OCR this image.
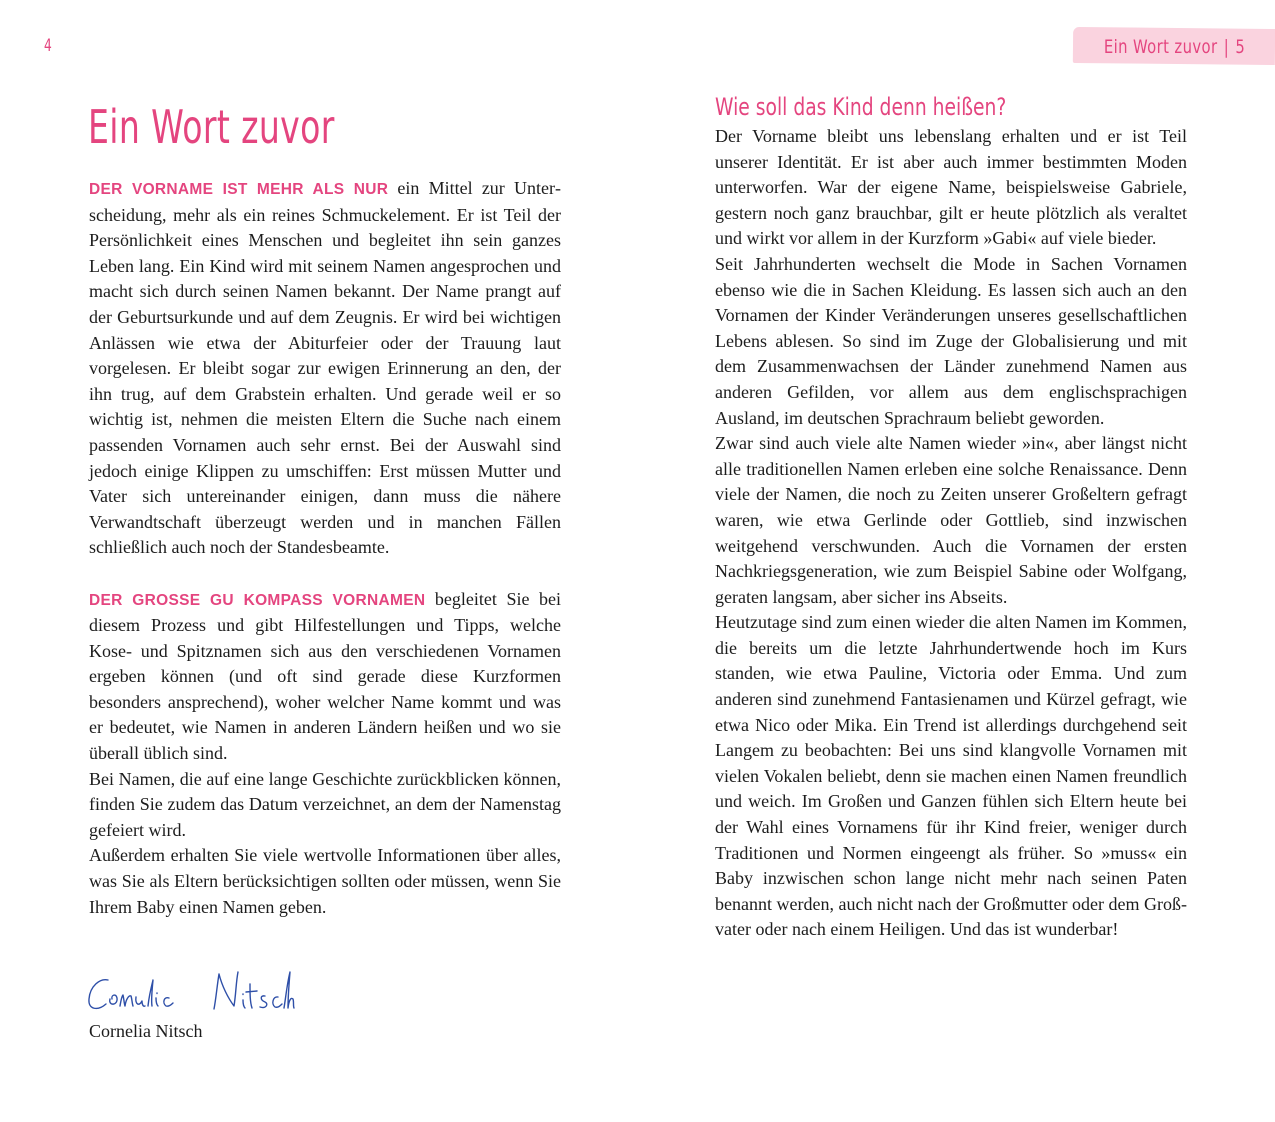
4
Ein Wort zuvor

DER VORNAME IST MEHR ALS NUR ein Mittel zur Unterscheidung, mehr als ein reines Schmuckelement. Er ist Teil der Persönlichkeit eines Menschen und begleitet ihn sein ganzes Leben lang. Ein Kind wird mit seinem Namen angesprochen und macht sich durch seinen Namen bekannt. Der Name prangt auf der Geburtsurkunde und auf dem Zeugnis. Er wird bei wichtigen Anlässen wie etwa der Abiturfeier oder der Trauung laut vorgelesen. Er bleibt sogar zur ewigen Erinnerung an den, der ihn trug, auf dem Grabstein erhalten. Und gerade weil er so wichtig ist, nehmen die meisten Eltern die Suche nach einem passenden Vornamen auch sehr ernst. Bei der Auswahl sind jedoch einige Klippen zu umschiffen: Erst müssen Mutter und Vater sich untereinander einigen, dann muss die nähere Verwandtschaft überzeugt werden und in manchen Fällen schließlich auch noch der Standesbeamte.

DER GROSSE GU KOMPASS VORNAMEN begleitet Sie bei diesem Prozess und gibt Hilfestellungen und Tipps, welche Kose- und Spitznamen sich aus den verschiedenen Vornamen ergeben können (und oft sind gerade diese Kurzformen besonders ansprechend), woher welcher Name kommt und was er bedeutet, wie Namen in anderen Ländern heißen und wo sie überall üblich sind.

Bei Namen, die auf eine lange Geschichte zurückblicken können, finden Sie zudem das Datum verzeichnet, an dem der Namenstag gefeiert wird.

Außerdem erhalten Sie viele wertvolle Informationen über alles, was Sie als Eltern berücksichtigen sollten oder müssen, wenn Sie Ihrem Baby einen Namen geben.

Cornelia Nitsch
Cornelia Nitsch
Ein Wort zuvor | 5
Wie soll das Kind denn heißen?

Der Vorname bleibt uns lebenslang erhalten und er ist Teil unserer Identität. Er ist aber auch immer bestimmten Moden unterworfen. War der eigene Name, beispielsweise Gabriele, gestern noch ganz brauchbar, gilt er heute plötzlich als veraltet und wirkt vor allem in der Kurzform »Gabi« auf viele bieder.

Seit Jahrhunderten wechselt die Mode in Sachen Vornamen ebenso wie die in Sachen Kleidung. Es lassen sich auch an den Vornamen der Kinder Veränderungen unseres gesellschaftlichen Lebens ablesen. So sind im Zuge der Globalisierung und mit dem Zusammenwachsen der Länder zunehmend Namen aus anderen Gefilden, vor allem aus dem englischsprachigen Ausland, im deutschen Sprachraum beliebt geworden.

Zwar sind auch viele alte Namen wieder »in«, aber längst nicht alle traditionellen Namen erleben eine solche Renaissance. Denn viele der Namen, die noch zu Zeiten unserer Großeltern gefragt waren, wie etwa Gerlinde oder Gottlieb, sind inzwischen weitgehend verschwunden. Auch die Vornamen der ersten Nachkriegsgeneration, wie zum Beispiel Sabine oder Wolfgang, geraten langsam, aber sicher ins Abseits.

Heutzutage sind zum einen wieder die alten Namen im Kommen, die bereits um die letzte Jahrhundertwende hoch im Kurs standen, wie etwa Pauline, Victoria oder Emma. Und zum anderen sind zunehmend Fantasienamen und Kürzel gefragt, wie etwa Nico oder Mika. Ein Trend ist allerdings durchgehend seit Langem zu beobachten: Bei uns sind klangvolle Vornamen mit vielen Vokalen beliebt, denn sie machen einen Namen freundlich und weich. Im Großen und Ganzen fühlen sich Eltern heute bei der Wahl eines Vornamens für ihr Kind freier, weniger durch Traditionen und Normen eingeengt als früher. So »muss« ein Baby inzwischen schon lange nicht mehr nach seinen Paten benannt werden, auch nicht nach der Großmutter oder dem Großvater oder nach einem Heiligen. Und das ist wunderbar!
